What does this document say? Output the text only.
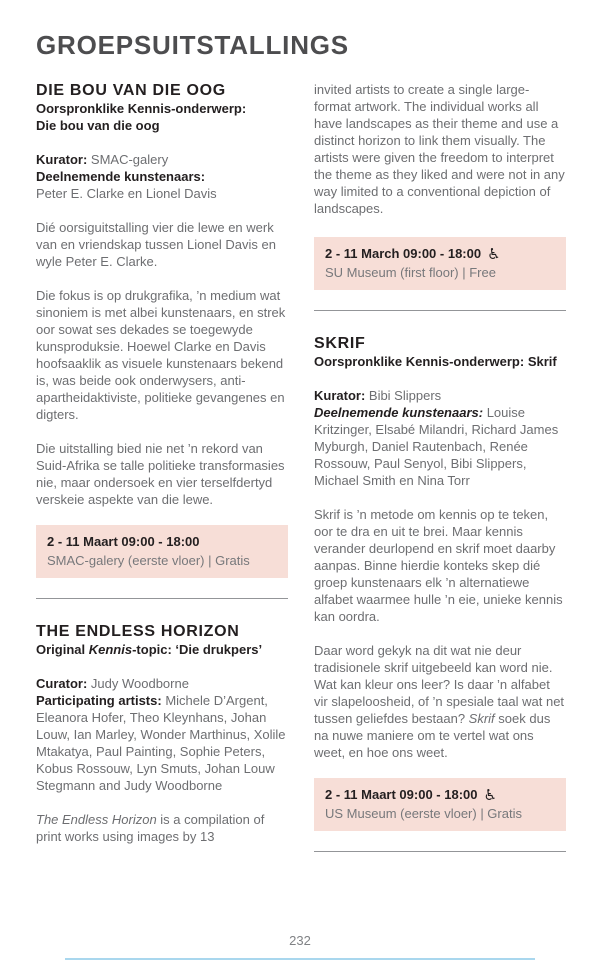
GROEPSUITSTALLINGS
DIE BOU VAN DIE OOG
Oorspronklike Kennis-onderwerp:
Die bou van die oog
Kurator: SMAC-galery
Deelnemende kunstenaars:
Peter E. Clarke en Lionel Davis

Dié oorsiguitstalling vier die lewe en werk van en vriendskap tussen Lionel Davis en wyle Peter E. Clarke.

Die fokus is op drukgrafika, ’n medium wat sinoniem is met albei kunstenaars, en strek oor sowat ses dekades se toegewyde kunsproduksie. Hoewel Clarke en Davis hoofsaaklik as visuele kunstenaars bekend is, was beide ook onderwysers, anti-apartheidaktiviste, politieke gevangenes en digters.

Die uitstalling bied nie net ’n rekord van Suid-Afrika se talle politieke transformasies nie, maar ondersoek en vier terselfdertyd verskeie aspekte van die lewe.

2 - 11 Maart 09:00 - 18:00
SMAC-galery (eerste vloer) | Gratis
THE ENDLESS HORIZON
Original Kennis-topic: ‘Die drukpers’
Curator: Judy Woodborne
Participating artists: Michele D’Argent, Eleanora Hofer, Theo Kleynhans, Johan Louw, Ian Marley, Wonder Marthinus, Xolile Mtakatya, Paul Painting, Sophie Peters, Kobus Rossouw, Lyn Smuts, Johan Louw Stegmann and Judy Woodborne

The Endless Horizon is a compilation of print works using images by 13

invited artists to create a single large-format artwork. The individual works all have landscapes as their theme and use a distinct horizon to link them visually. The artists were given the freedom to interpret the theme as they liked and were not in any way limited to a conventional depiction of landscapes.

2 - 11 March 09:00 - 18:00 ♿
SU Museum (first floor) | Free
SKRIF
Oorspronklike Kennis-onderwerp: Skrif
Kurator: Bibi Slippers
Deelnemende kunstenaars: Louise Kritzinger, Elsabé Milandri, Richard James Myburgh, Daniel Rautenbach, Renée Rossouw, Paul Senyol, Bibi Slippers, Michael Smith en Nina Torr

Skrif is ’n metode om kennis op te teken, oor te dra en uit te brei. Maar kennis verander deurlopend en skrif moet daarby aanpas. Binne hierdie konteks skep dié groep kunstenaars elk ’n alternatiewe alfabet waarmee hulle ’n eie, unieke kennis kan oordra.

Daar word gekyk na dit wat nie deur tradisionele skrif uitgebeeld kan word nie. Wat kan kleur ons leer? Is daar ’n alfabet vir slapeloosheid, of ’n spesiale taal wat net tussen geliefdes bestaan? Skrif soek dus na nuwe maniere om te vertel wat ons weet, en hoe ons weet.

2 - 11 Maart 09:00 - 18:00 ♿
US Museum (eerste vloer) | Gratis
232
